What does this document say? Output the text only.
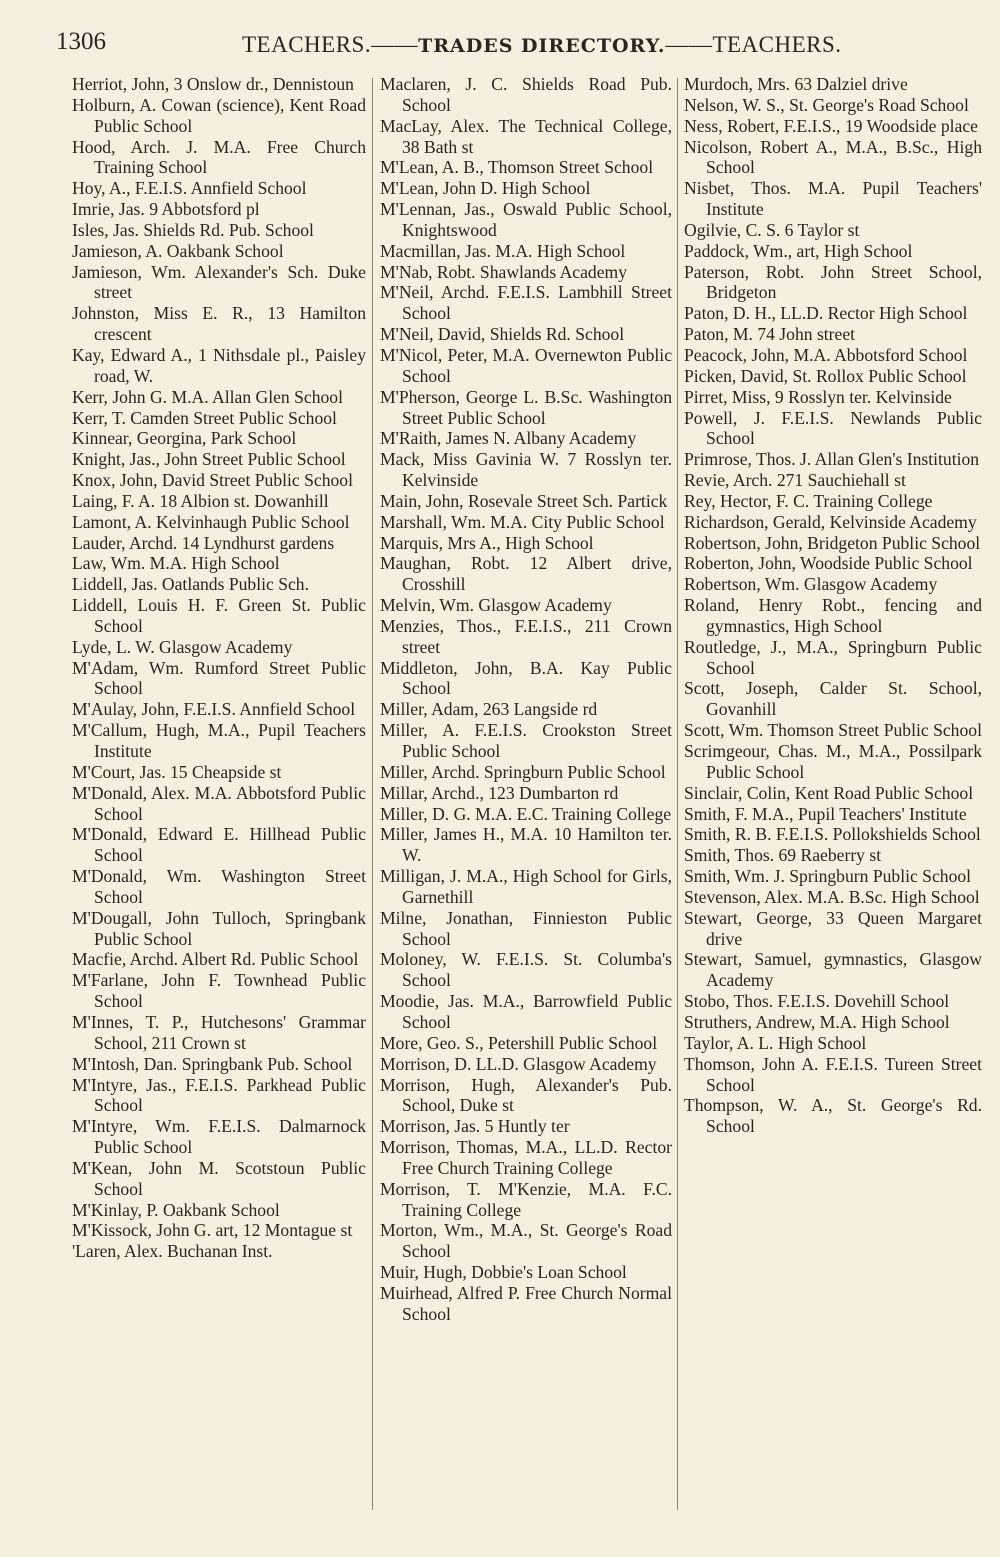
1306	TEACHERS.——TRADES DIRECTORY.——TEACHERS.

Herriot, John, 3 Onslow dr., Dennistoun

Holburn, A. Cowan (science), Kent Road Public School

Hood, Arch. J. M.A. Free Church Training School

Hoy, A., F.E.I.S. Annfield School

Imrie, Jas. 9 Abbotsford pl

Isles, Jas. Shields Rd. Pub. School

Jamieson, A. Oakbank School

Jamieson, Wm. Alexander's Sch. Duke street

Johnston, Miss E. R., 13 Hamilton crescent

Kay, Edward A., 1 Nithsdale pl., Paisley road, W.

Kerr, John G. M.A. Allan Glen School

Kerr, T. Camden Street Public School

Kinnear, Georgina, Park School

Knight, Jas., John Street Public School

Knox, John, David Street Public School

Laing, F. A. 18 Albion st. Dowanhill

Lamont, A. Kelvinhaugh Public School

Lauder, Archd. 14 Lyndhurst gardens

Law, Wm. M.A. High School

Liddell, Jas. Oatlands Public Sch.

Liddell, Louis H. F. Green St. Public School

Lyde, L. W. Glasgow Academy

M'Adam, Wm. Rumford Street Public School

M'Aulay, John, F.E.I.S. Annfield School

M'Callum, Hugh, M.A., Pupil Teachers Institute

M'Court, Jas. 15 Cheapside st

M'Donald, Alex. M.A. Abbotsford Public School

M'Donald, Edward E. Hillhead Public School

M'Donald, Wm. Washington Street School

M'Dougall, John Tulloch, Springbank Public School

Macfie, Archd. Albert Rd. Public School

M'Farlane, John F. Townhead Public School

M'Innes, T. P., Hutchesons' Grammar School, 211 Crown st

M'Intosh, Dan. Springbank Pub. School

M'Intyre, Jas., F.E.I.S. Parkhead Public School

M'Intyre, Wm. F.E.I.S. Dalmarnock Public School

M'Kean, John M. Scotstoun Public School

M'Kinlay, P. Oakbank School

M'Kissock, John G. art, 12 Montague st

'Laren, Alex. Buchanan Inst.

Maclaren, J. C. Shields Road Pub. School

MacLay, Alex. The Technical College, 38 Bath st

M'Lean, A. B., Thomson Street School

M'Lean, John D. High School

M'Lennan, Jas., Oswald Public School, Knightswood

Macmillan, Jas. M.A. High School

M'Nab, Robt. Shawlands Academy

M'Neil, Archd. F.E.I.S. Lambhill Street School

M'Neil, David, Shields Rd. School

M'Nicol, Peter, M.A. Overnewton Public School

M'Pherson, George L. B.Sc. Washington Street Public School

M'Raith, James N. Albany Academy

Mack, Miss Gavinia W. 7 Rosslyn ter. Kelvinside

Main, John, Rosevale Street Sch. Partick

Marshall, Wm. M.A. City Public School

Marquis, Mrs A., High School

Maughan, Robt. 12 Albert drive, Crosshill

Melvin, Wm. Glasgow Academy

Menzies, Thos., F.E.I.S., 211 Crown street

Middleton, John, B.A. Kay Public School

Miller, Adam, 263 Langside rd

Miller, A. F.E.I.S. Crookston Street Public School

Miller, Archd. Springburn Public School

Millar, Archd., 123 Dumbarton rd

Miller, D. G. M.A. E.C. Training College

Miller, James H., M.A. 10 Hamilton ter. W.

Milligan, J. M.A., High School for Girls, Garnethill

Milne, Jonathan, Finnieston Public School

Moloney, W. F.E.I.S. St. Columba's School

Moodie, Jas. M.A., Barrowfield Public School

More, Geo. S., Petershill Public School

Morrison, D. LL.D. Glasgow Academy

Morrison, Hugh, Alexander's Pub. School, Duke st

Morrison, Jas. 5 Huntly ter

Morrison, Thomas, M.A., LL.D. Rector Free Church Training College

Morrison, T. M'Kenzie, M.A. F.C. Training College

Morton, Wm., M.A., St. George's Road School

Muir, Hugh, Dobbie's Loan School

Muirhead, Alfred P. Free Church Normal School

Murdoch, Mrs. 63 Dalziel drive

Nelson, W. S., St. George's Road School

Ness, Robert, F.E.I.S., 19 Woodside place

Nicolson, Robert A., M.A., B.Sc., High School

Nisbet, Thos. M.A. Pupil Teachers' Institute

Ogilvie, C. S. 6 Taylor st

Paddock, Wm., art, High School

Paterson, Robt. John Street School, Bridgeton

Paton, D. H., LL.D. Rector High School

Paton, M. 74 John street

Peacock, John, M.A. Abbotsford School

Picken, David, St. Rollox Public School

Pirret, Miss, 9 Rosslyn ter. Kelvinside

Powell, J. F.E.I.S. Newlands Public School

Primrose, Thos. J. Allan Glen's Institution

Revie, Arch. 271 Sauchiehall st

Rey, Hector, F. C. Training College

Richardson, Gerald, Kelvinside Academy

Robertson, John, Bridgeton Public School

Roberton, John, Woodside Public School

Robertson, Wm. Glasgow Academy

Roland, Henry Robt., fencing and gymnastics, High School

Routledge, J., M.A., Springburn Public School

Scott, Joseph, Calder St. School, Govanhill

Scott, Wm. Thomson Street Public School

Scrimgeour, Chas. M., M.A., Possilpark Public School

Sinclair, Colin, Kent Road Public School

Smith, F. M.A., Pupil Teachers' Institute

Smith, R. B. F.E.I.S. Pollokshields School

Smith, Thos. 69 Raeberry st

Smith, Wm. J. Springburn Public School

Stevenson, Alex. M.A. B.Sc. High School

Stewart, George, 33 Queen Margaret drive

Stewart, Samuel, gymnastics, Glasgow Academy

Stobo, Thos. F.E.I.S. Dovehill School

Struthers, Andrew, M.A. High School

Taylor, A. L. High School

Thomson, John A. F.E.I.S. Tureen Street School

Thompson, W. A., St. George's Rd. School
